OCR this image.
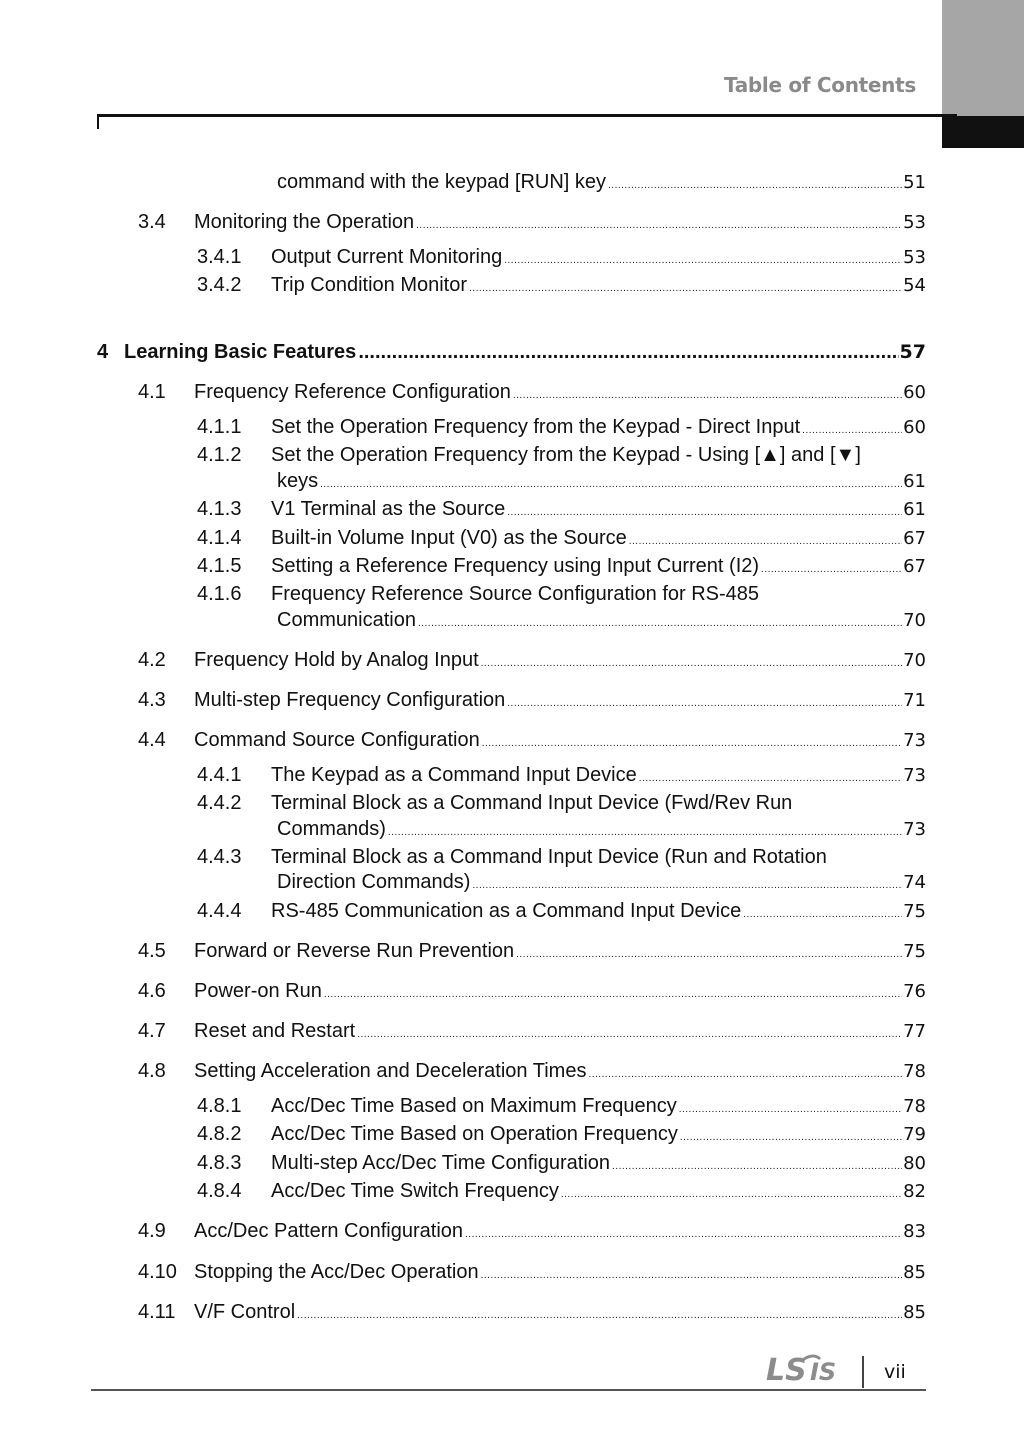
Table of Contents
command with the keypad [RUN] key .....	51
3.4	Monitoring the Operation .....	53
3.4.1	Output Current Monitoring .....	53
3.4.2	Trip Condition Monitor .....	54
4 Learning Basic Features .....	57
4.1	Frequency Reference Configuration .....	60
4.1.1	Set the Operation Frequency from the Keypad - Direct Input .....	60
4.1.2	Set the Operation Frequency from the Keypad - Using [▲] and [▼]
keys .....	61
4.1.3	V1 Terminal as the Source .....	61
4.1.4	Built-in Volume Input (V0) as the Source .....	67
4.1.5	Setting a Reference Frequency using Input Current (I2) .....	67
4.1.6	Frequency Reference Source Configuration for RS-485
Communication .....	70
4.2	Frequency Hold by Analog Input .....	70
4.3	Multi-step Frequency Configuration .....	71
4.4	Command Source Configuration .....	73
4.4.1	The Keypad as a Command Input Device .....	73
4.4.2	Terminal Block as a Command Input Device (Fwd/Rev Run
Commands) .....	73
4.4.3	Terminal Block as a Command Input Device (Run and Rotation
Direction Commands) .....	74
4.4.4	RS-485 Communication as a Command Input Device .....	75
4.5	Forward or Reverse Run Prevention .....	75
4.6	Power-on Run .....	76
4.7	Reset and Restart .....	77
4.8	Setting Acceleration and Deceleration Times .....	78
4.8.1	Acc/Dec Time Based on Maximum Frequency .....	78
4.8.2	Acc/Dec Time Based on Operation Frequency .....	79
4.8.3	Multi-step Acc/Dec Time Configuration .....	80
4.8.4	Acc/Dec Time Switch Frequency .....	82
4.9	Acc/Dec Pattern Configuration .....	83
4.10 Stopping the Acc/Dec Operation .....	85
4.11 V/F Control .....	85
LS IS	vii
